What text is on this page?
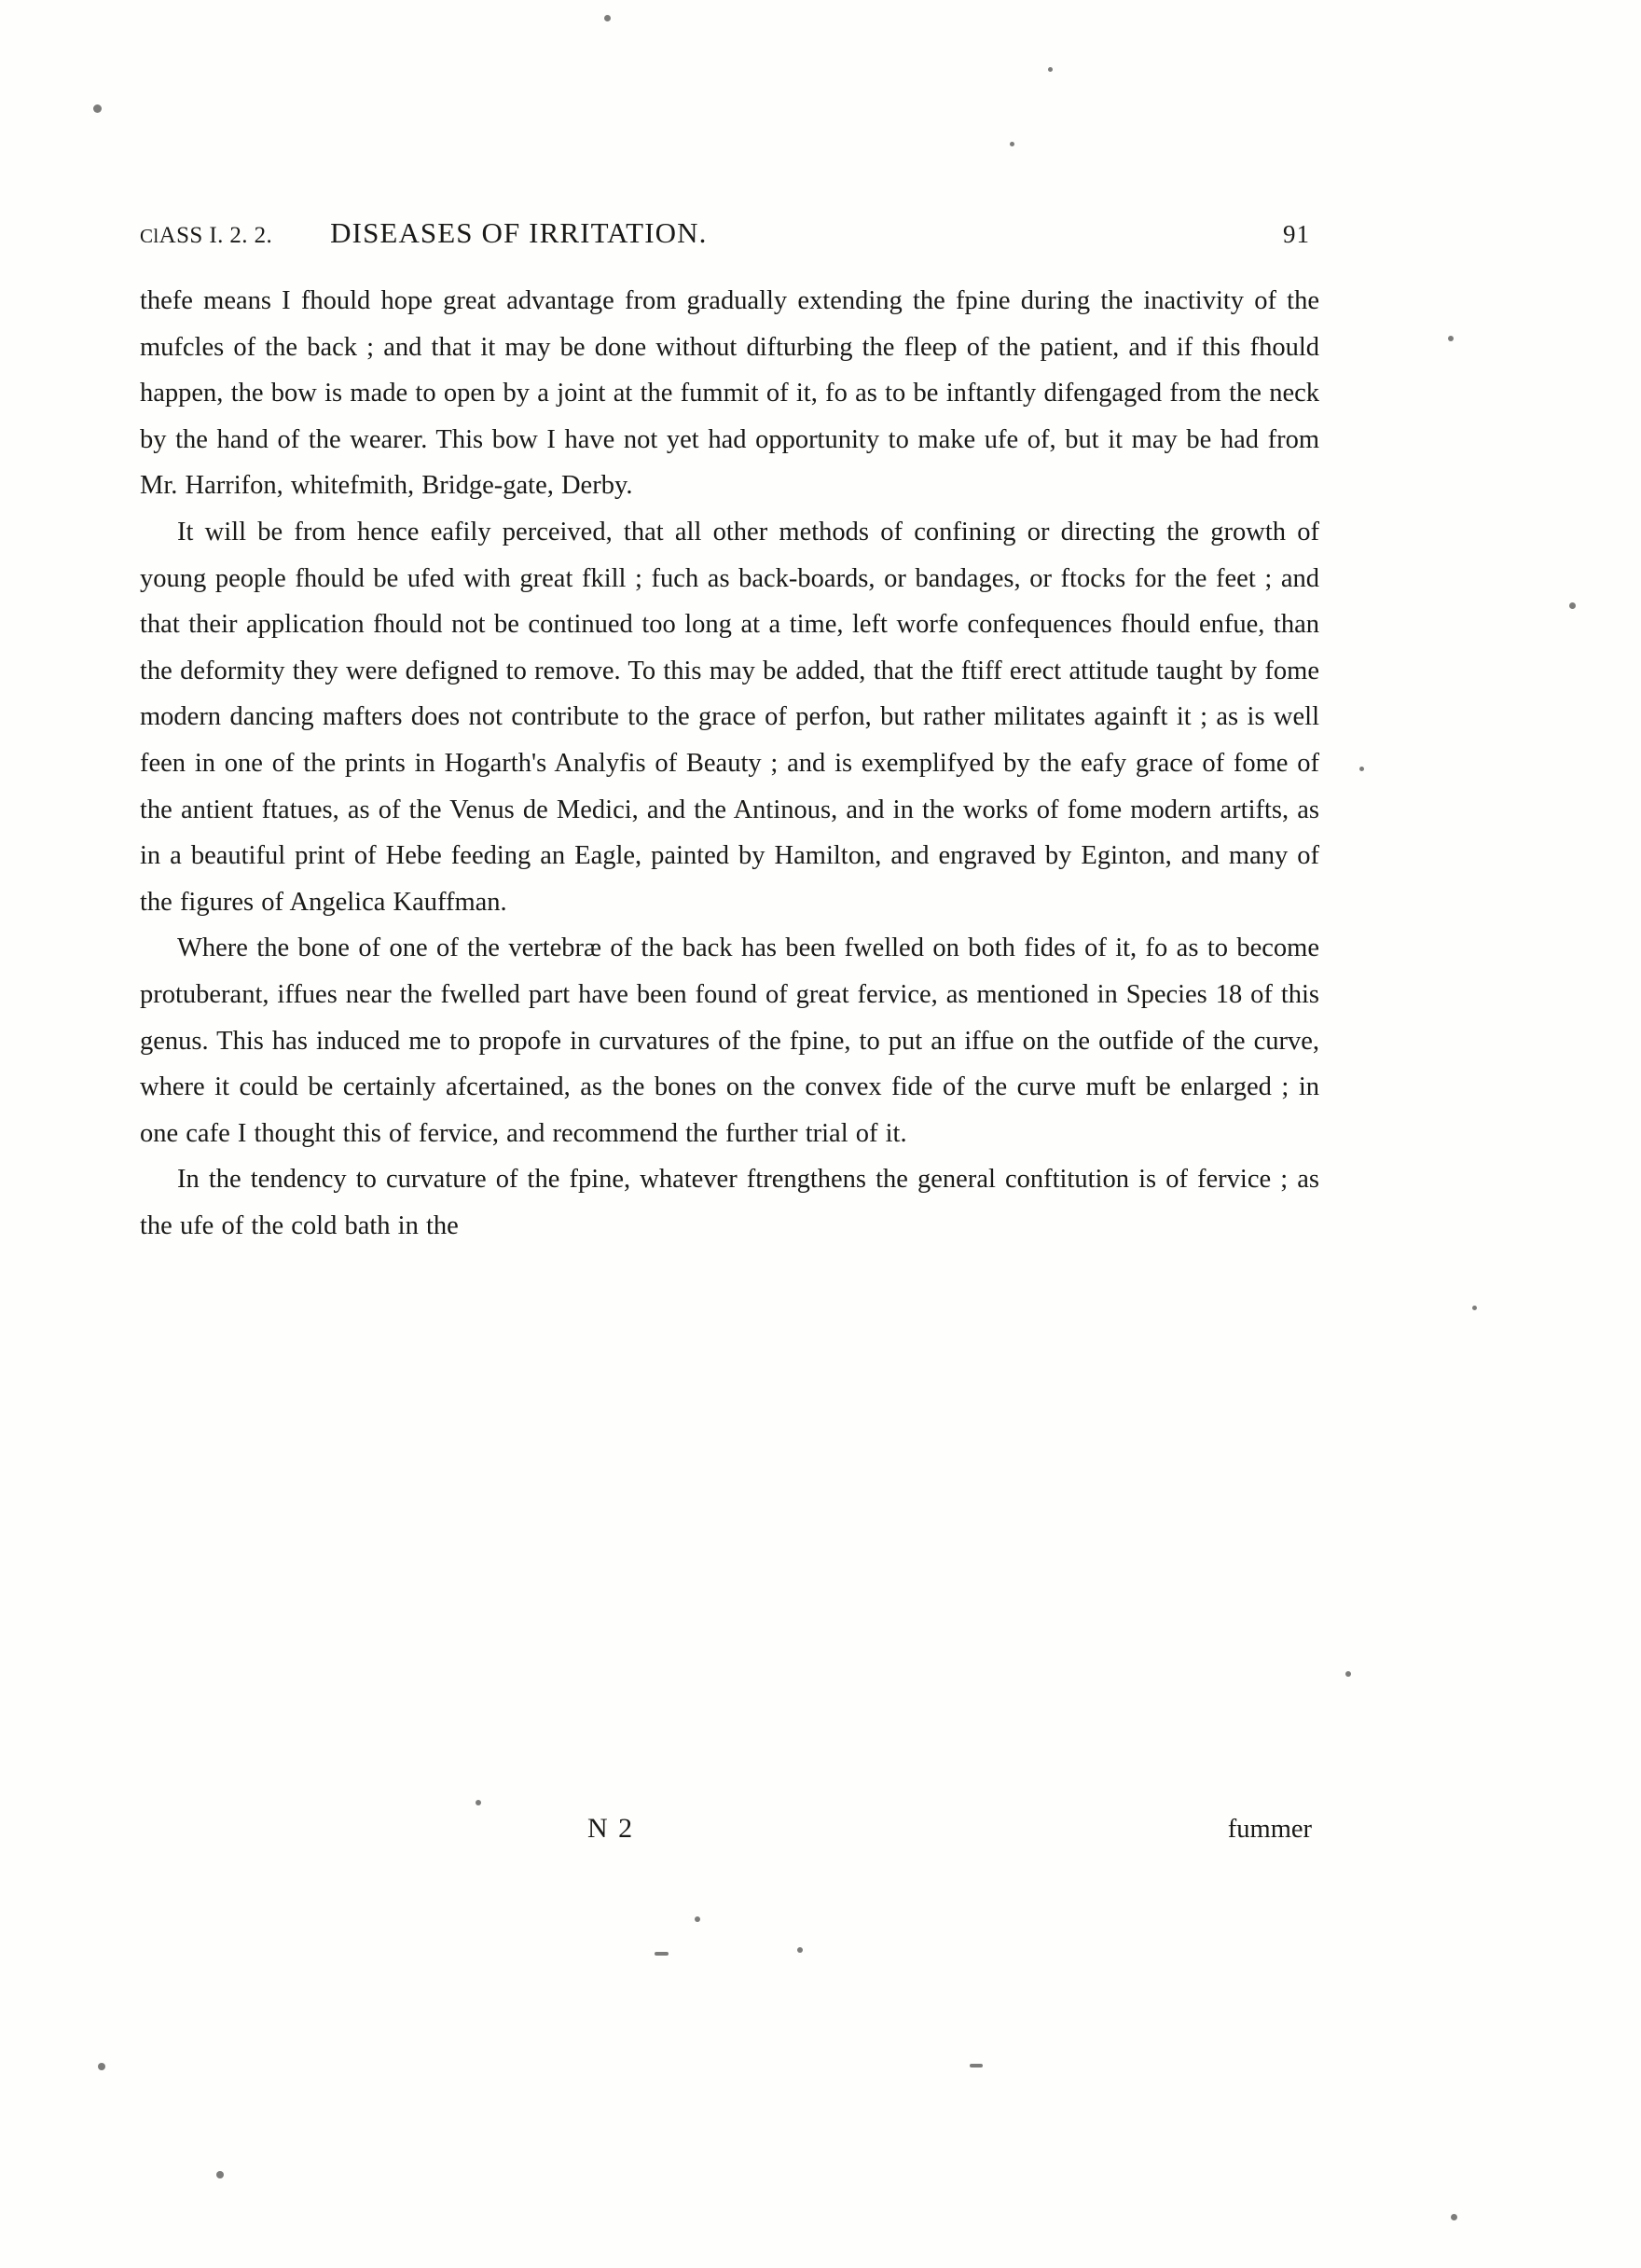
ClASS I. 2. 2. DISEASES OF IRRITATION.	91

thefe means I fhould hope great advantage from gradually extending the fpine during the inactivity of the mufcles of the back ; and that it may be done without difturbing the fleep of the patient, and if this fhould happen, the bow is made to open by a joint at the fummit of it, fo as to be inftantly difengaged from the neck by the hand of the wearer. This bow I have not yet had opportunity to make ufe of, but it may be had from Mr. Harrifon, whitefmith, Bridge-gate, Derby.

It will be from hence eafily perceived, that all other methods of confining or directing the growth of young people fhould be ufed with great fkill ; fuch as back-boards, or bandages, or ftocks for the feet ; and that their application fhould not be continued too long at a time, left worfe confequences fhould enfue, than the deformity they were defigned to remove. To this may be added, that the ftiff erect attitude taught by fome modern dancing mafters does not contribute to the grace of perfon, but rather militates againft it ; as is well feen in one of the prints in Hogarth's Analyfis of Beauty ; and is exemplifyed by the eafy grace of fome of the antient ftatues, as of the Venus de Medici, and the Antinous, and in the works of fome modern artifts, as in a beautiful print of Hebe feeding an Eagle, painted by Hamilton, and engraved by Eginton, and many of the figures of Angelica Kauffman.

Where the bone of one of the vertebræ of the back has been fwelled on both fides of it, fo as to become protuberant, iffues near the fwelled part have been found of great fervice, as mentioned in Species 18 of this genus. This has induced me to propofe in curvatures of the fpine, to put an iffue on the outfide of the curve, where it could be certainly afcertained, as the bones on the convex fide of the curve muft be enlarged ; in one cafe I thought this of fervice, and recommend the further trial of it.

In the tendency to curvature of the fpine, whatever ftrengthens the general conftitution is of fervice ; as the ufe of the cold bath in the

N 2	fummer
